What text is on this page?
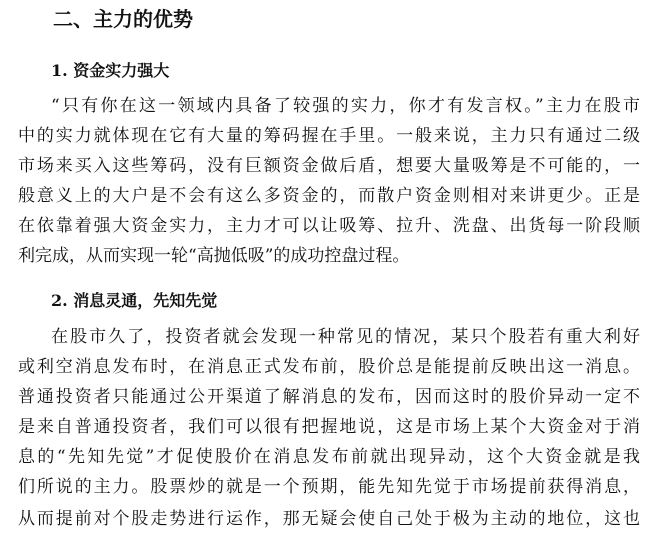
二、主力的优势
1. 资金实力强大
“只有你在这一领域内具备了较强的实力，你才有发言权。”主力在股市
中的实力就体现在它有大量的筹码握在手里。一般来说，主力只有通过二级
市场来买入这些筹码，没有巨额资金做后盾，想要大量吸筹是不可能的，一
般意义上的大户是不会有这么多资金的，而散户资金则相对来讲更少。正是
在依靠着强大资金实力，主力才可以让吸筹、拉升、洗盘、出货每一阶段顺
利完成，从而实现一轮“高抛低吸”的成功控盘过程。
2. 消息灵通，先知先觉
在股市久了，投资者就会发现一种常见的情况，某只个股若有重大利好
或利空消息发布时，在消息正式发布前，股价总是能提前反映出这一消息。
普通投资者只能通过公开渠道了解消息的发布，因而这时的股价异动一定不
是来自普通投资者，我们可以很有把握地说，这是市场上某个大资金对于消
息的“先知先觉”才促使股价在消息发布前就出现异动，这个大资金就是我
们所说的主力。股票炒的就是一个预期，能先知先觉于市场提前获得消息，
从而提前对个股走势进行运作，那无疑会使自己处于极为主动的地位，这也
